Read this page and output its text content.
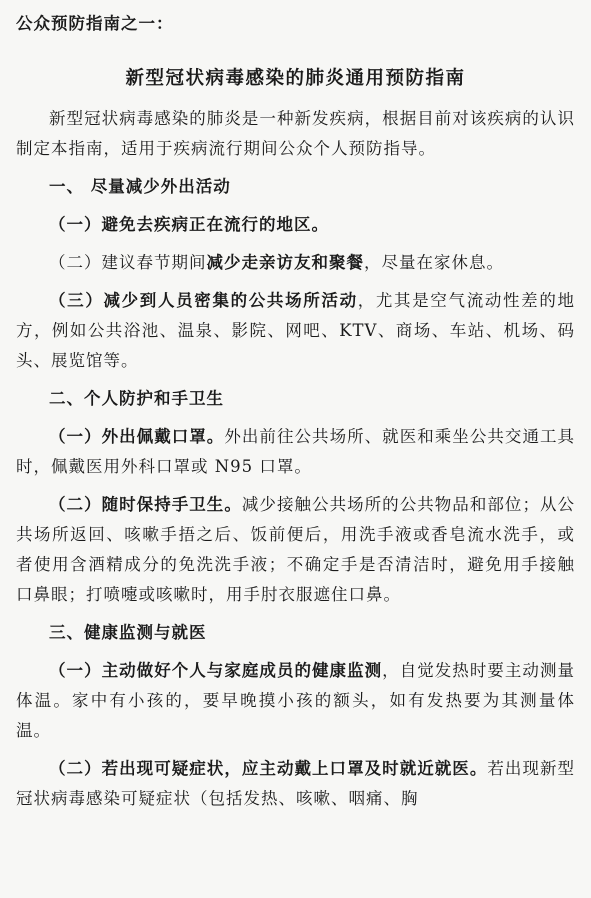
公众预防指南之一：
新型冠状病毒感染的肺炎通用预防指南

新型冠状病毒感染的肺炎是一种新发疾病，根据目前对该疾病的认识制定本指南，适用于疾病流行期间公众个人预防指导。

一、 尽量减少外出活动

（一）避免去疾病正在流行的地区。

（二）建议春节期间减少走亲访友和聚餐，尽量在家休息。

（三）减少到人员密集的公共场所活动，尤其是空气流动性差的地方，例如公共浴池、温泉、影院、网吧、KTV、商场、车站、机场、码头、展览馆等。

二、个人防护和手卫生

（一）外出佩戴口罩。外出前往公共场所、就医和乘坐公共交通工具时，佩戴医用外科口罩或 N95 口罩。

（二）随时保持手卫生。减少接触公共场所的公共物品和部位；从公共场所返回、咳嗽手捂之后、饭前便后，用洗手液或香皂流水洗手，或者使用含酒精成分的免洗洗手液；不确定手是否清洁时，避免用手接触口鼻眼；打喷嚏或咳嗽时，用手肘衣服遮住口鼻。

三、健康监测与就医

（一）主动做好个人与家庭成员的健康监测，自觉发热时要主动测量体温。家中有小孩的，要早晚摸小孩的额头，如有发热要为其测量体温。

（二）若出现可疑症状，应主动戴上口罩及时就近就医。若出现新型冠状病毒感染可疑症状（包括发热、咳嗽、咽痛、胸
